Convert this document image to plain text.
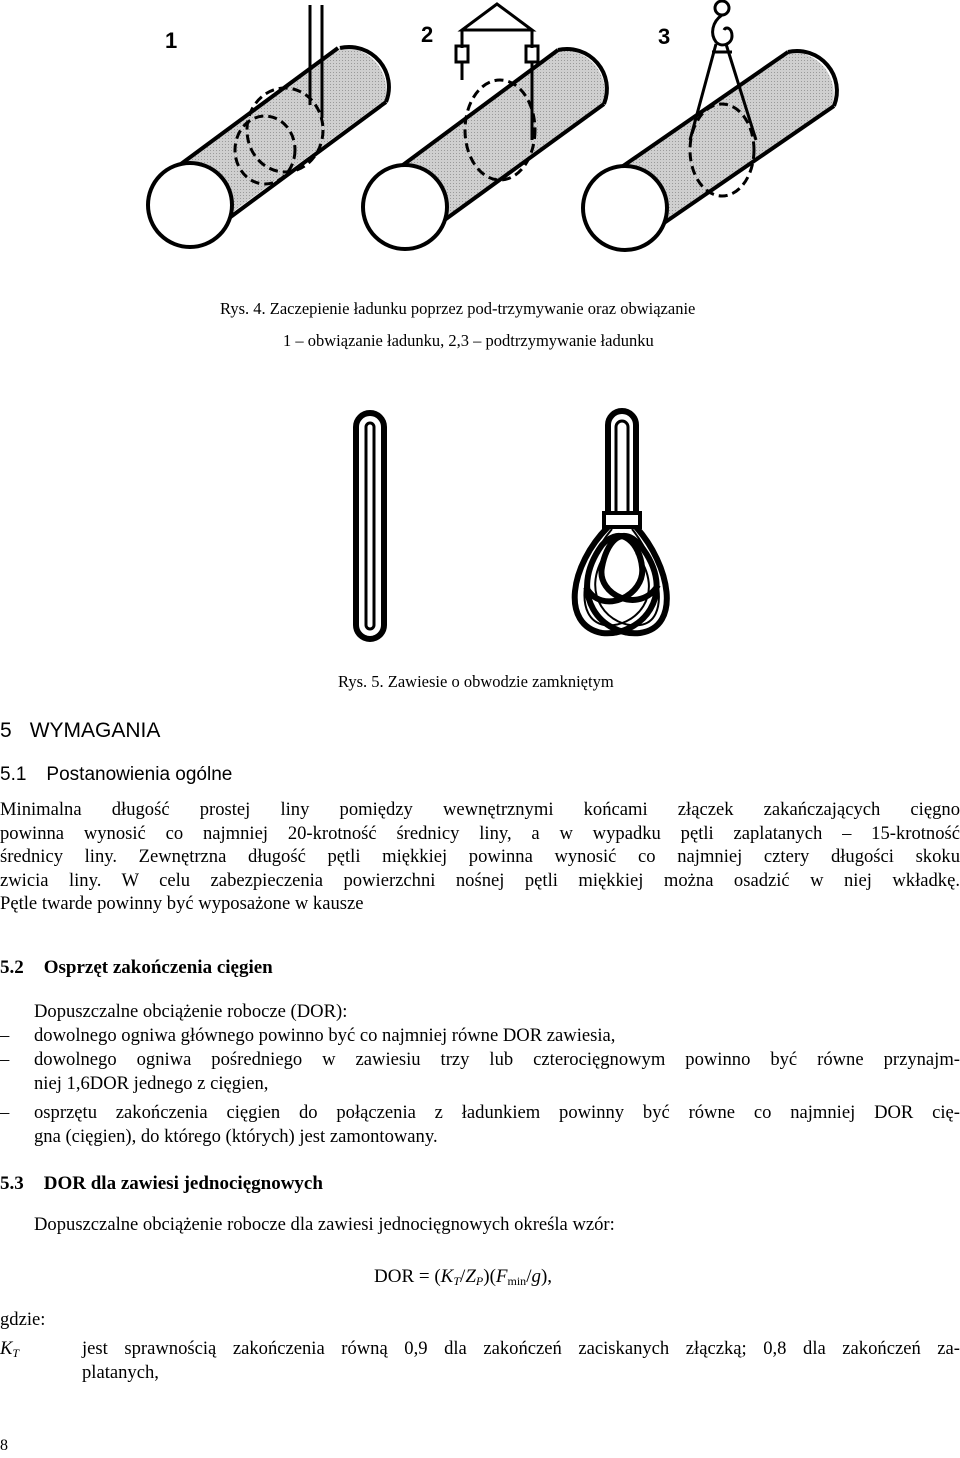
1	2	3
Rys. 4. Zaczepienie ładunku poprzez pod-trzymywanie oraz obwiązanie
1 – obwiązanie ładunku, 2,3 – podtrzymywanie ładunku
Rys. 5. Zawiesie o obwodzie zamkniętym
5 WYMAGANIA
5.1 Postanowienia ogólne
Minimalna długość prostej liny pomiędzy wewnętrznymi końcami złączek zakańczających cięgno
powinna wynosić co najmniej 20-krotność średnicy liny, a w wypadku pętli zaplatanych – 15-krotność
średnicy liny. Zewnętrzna długość pętli miękkiej powinna wynosić co najmniej cztery długości skoku
zwicia liny. W celu zabezpieczenia powierzchni nośnej pętli miękkiej można osadzić w niej wkładkę.
Pętle twarde powinny być wyposażone w kausze
5.2 Osprzęt zakończenia cięgien
Dopuszczalne obciążenie robocze (DOR):
– dowolnego ogniwa głównego powinno być co najmniej równe DOR zawiesia,
– dowolnego ogniwa pośredniego w zawiesiu trzy lub czterocięgnowym powinno być równe przynajm-
niej 1,6DOR jednego z cięgien,
– osprzętu zakończenia cięgien do połączenia z ładunkiem powinny być równe co najmniej DOR cię-
gna (cięgien), do którego (których) jest zamontowany.
5.3 DOR dla zawiesi jednocięgnowych
Dopuszczalne obciążenie robocze dla zawiesi jednocięgnowych określa wzór:
DOR = $(K_T/Z_P)(F_{min}/g)$,
gdzie:
$K_T$	jest sprawnością zakończenia równą 0,9 dla zakończeń zaciskanych złączką; 0,8 dla zakończeń za-
platanych,
8
